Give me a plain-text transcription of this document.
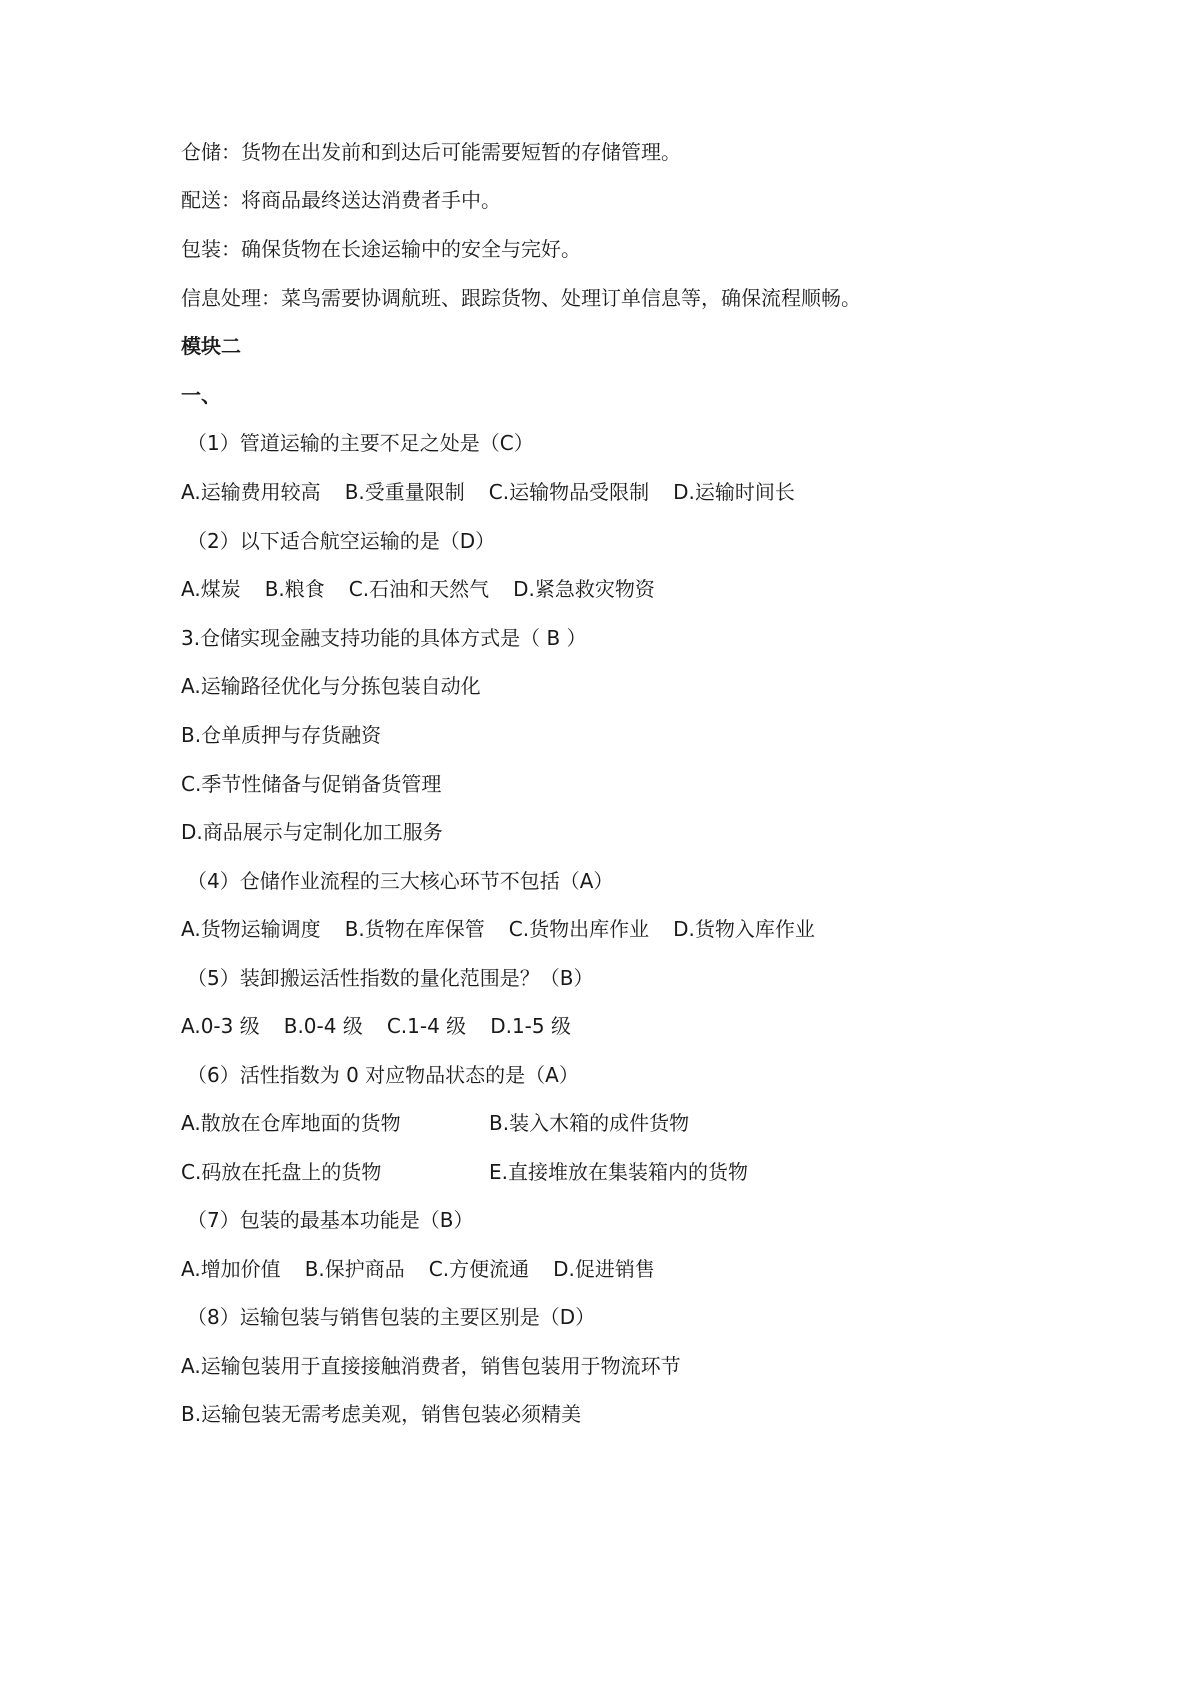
仓储：货物在出发前和到达后可能需要短暂的存储管理。
配送：将商品最终送达消费者手中。
包装：确保货物在长途运输中的安全与完好。
信息处理：菜鸟需要协调航班、跟踪货物、处理订单信息等，确保流程顺畅。
模块二
一、
（1）管道运输的主要不足之处是（C）
A.运输费用较高 B.受重量限制 C.运输物品受限制 D.运输时间长
（2）以下适合航空运输的是（D）
A.煤炭 B.粮食 C.石油和天然气 D.紧急救灾物资
3.仓储实现金融支持功能的具体方式是（ B ）
A.运输路径优化与分拣包装自动化
B.仓单质押与存货融资
C.季节性储备与促销备货管理
D.商品展示与定制化加工服务
（4）仓储作业流程的三大核心环节不包括（A）
A.货物运输调度 B.货物在库保管 C.货物出库作业 D.货物入库作业
（5）装卸搬运活性指数的量化范围是？（B）
A.0-3 级 B.0-4 级 C.1-4 级 D.1-5 级
（6）活性指数为 0 对应物品状态的是（A）
A.散放在仓库地面的货物	B.装入木箱的成件货物
C.码放在托盘上的货物	E.直接堆放在集装箱内的货物
（7）包装的最基本功能是（B）
A.增加价值 B.保护商品 C.方便流通 D.促进销售
（8）运输包装与销售包装的主要区别是（D）
A.运输包装用于直接接触消费者，销售包装用于物流环节
B.运输包装无需考虑美观，销售包装必须精美
